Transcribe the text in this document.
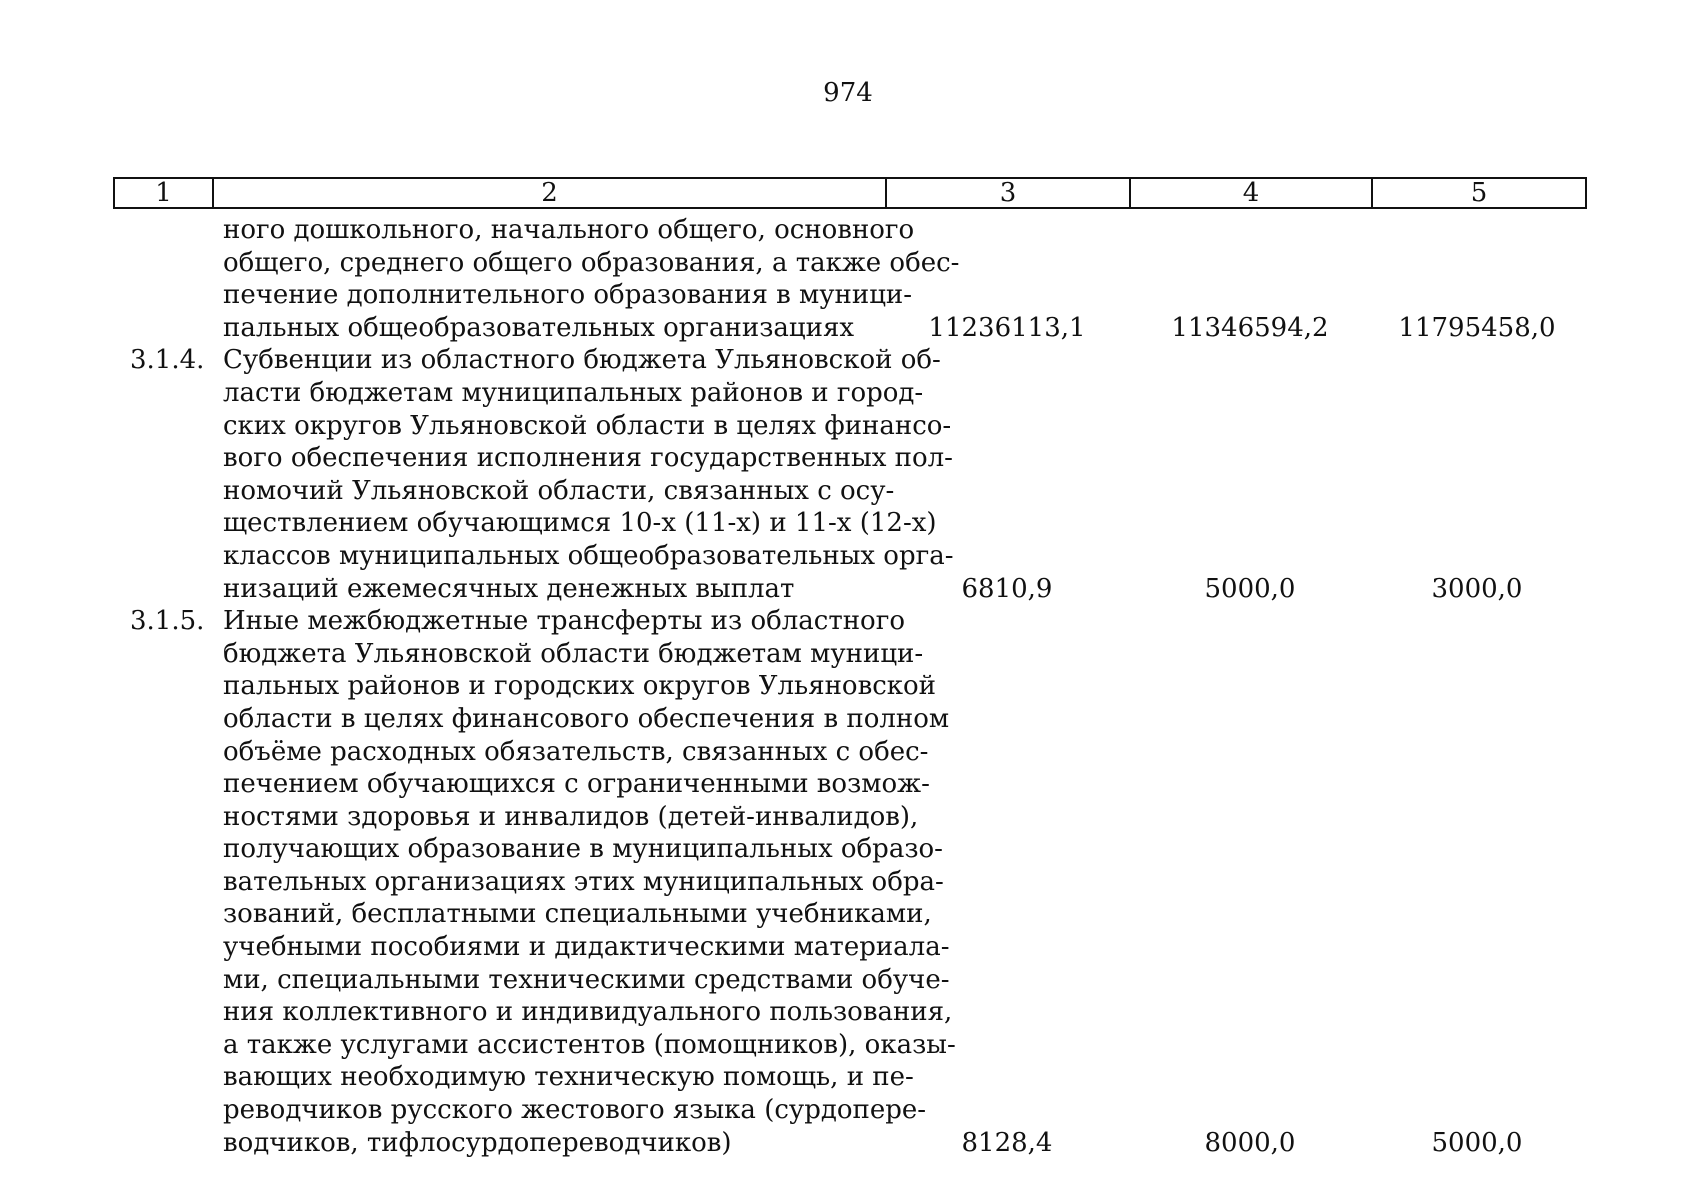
974
1	2	3	4	5
ного дошкольного, начального общего, основного
общего, среднего общего образования, а также обес-
печение дополнительного образования в муници-
пальных общеобразовательных организациях	11236113,1	11346594,2	11795458,0
3.1.4. Субвенции из областного бюджета Ульяновской об-
ласти бюджетам муниципальных районов и город-
ских округов Ульяновской области в целях финансо-
вого обеспечения исполнения государственных пол-
номочий Ульяновской области, связанных с осу-
ществлением обучающимся 10-х (11-х) и 11-х (12-х)
классов муниципальных общеобразовательных орга-
низаций ежемесячных денежных выплат	6810,9	5000,0	3000,0
3.1.5. Иные межбюджетные трансферты из областного
бюджета Ульяновской области бюджетам муници-
пальных районов и городских округов Ульяновской
области в целях финансового обеспечения в полном
объёме расходных обязательств, связанных с обес-
печением обучающихся с ограниченными возмож-
ностями здоровья и инвалидов (детей-инвалидов),
получающих образование в муниципальных образо-
вательных организациях этих муниципальных обра-
зований, бесплатными специальными учебниками,
учебными пособиями и дидактическими материала-
ми, специальными техническими средствами обуче-
ния коллективного и индивидуального пользования,
а также услугами ассистентов (помощников), оказы-
вающих необходимую техническую помощь, и пе-
реводчиков русского жестового языка (сурдопере-
водчиков, тифлосурдопереводчиков)	8128,4	8000,0	5000,0
